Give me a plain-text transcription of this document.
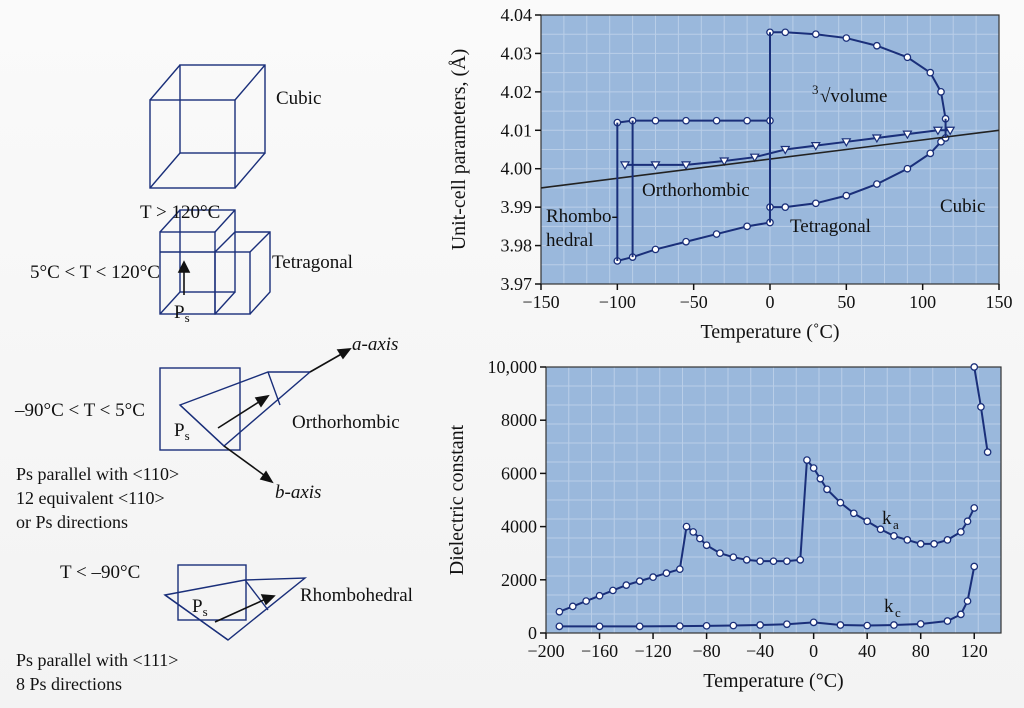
Cubic
T > 120°C
Tetragonal
5°C < T < 120°C
$P_s$
a-axis
Orthorhombic
–90°C < T < 5°C
$P_s$
b-axis
Ps parallel with <110>
12 equivalent <110>
or Ps directions
T < –90°C
Rhombohedral
$P_s$
Ps parallel with <111>
8 Ps directions
−150 −100 −50	0	50	100	150
3.97
3.98
3.99
4.00
4.01
4.02
4.03
4.04
Temperature (˚C)
Unit-cell parameters, (Å)	Rhombo-
hedral
Orthorhombic
Tetragonal
Cubic
3 √volume
−200 −160 −120 −80 −40 0 40 80 120
0
2000
4000
6000
8000
10,000
Temperature (°C)
Dielectric constant	k a
k c
